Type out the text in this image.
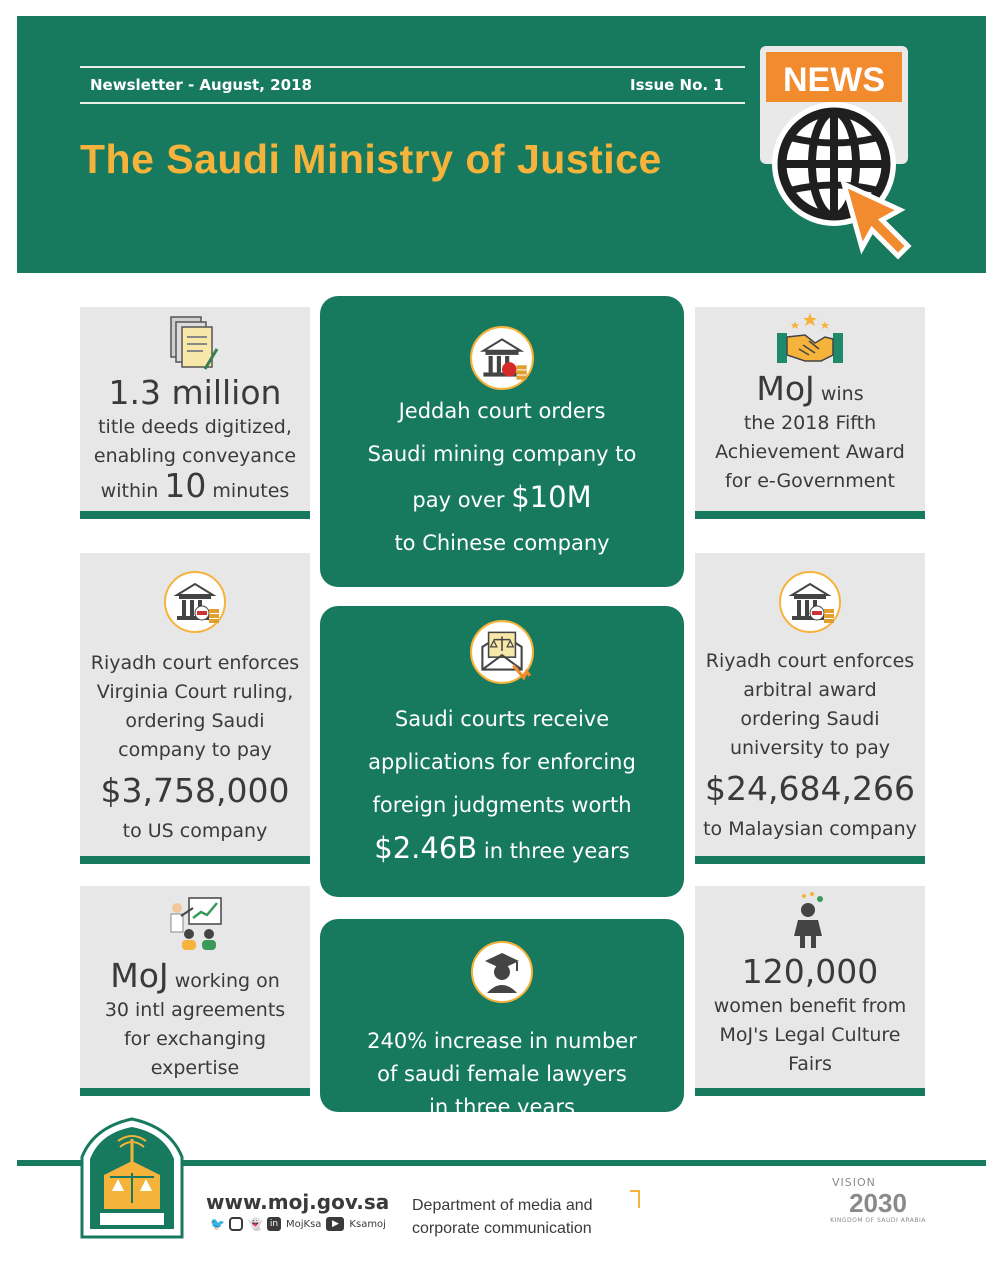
Newsletter - August, 2018	Issue No. 1
The Saudi Ministry of Justice
NEWS
1.3 million
title deeds digitized,
enabling conveyance
within 10 minutes
Riyadh court enforces
Virginia Court ruling,
ordering Saudi
company to pay
$3,758,000
to US company
MoJ working on
30 intl agreements
for exchanging
expertise
MoJ wins
the 2018 Fifth
Achievement Award
for e-Government
Riyadh court enforces
arbitral award
ordering Saudi
university to pay
$24,684,266
to Malaysian company
120,000
women benefit from
MoJ's Legal Culture
Fairs
Jeddah court orders
Saudi mining company to
pay over $10M
to Chinese company
Saudi courts receive
applications for enforcing
foreign judgments worth
$2.46B in three years
240% increase in number
of saudi female lawyers
in three years
www.moj.gov.sa
🐦 👻 in MojKsa	▶	Ksamoj
Department of media and
corporate communication
VISION
2030
KINGDOM OF SAUDI ARABIA
